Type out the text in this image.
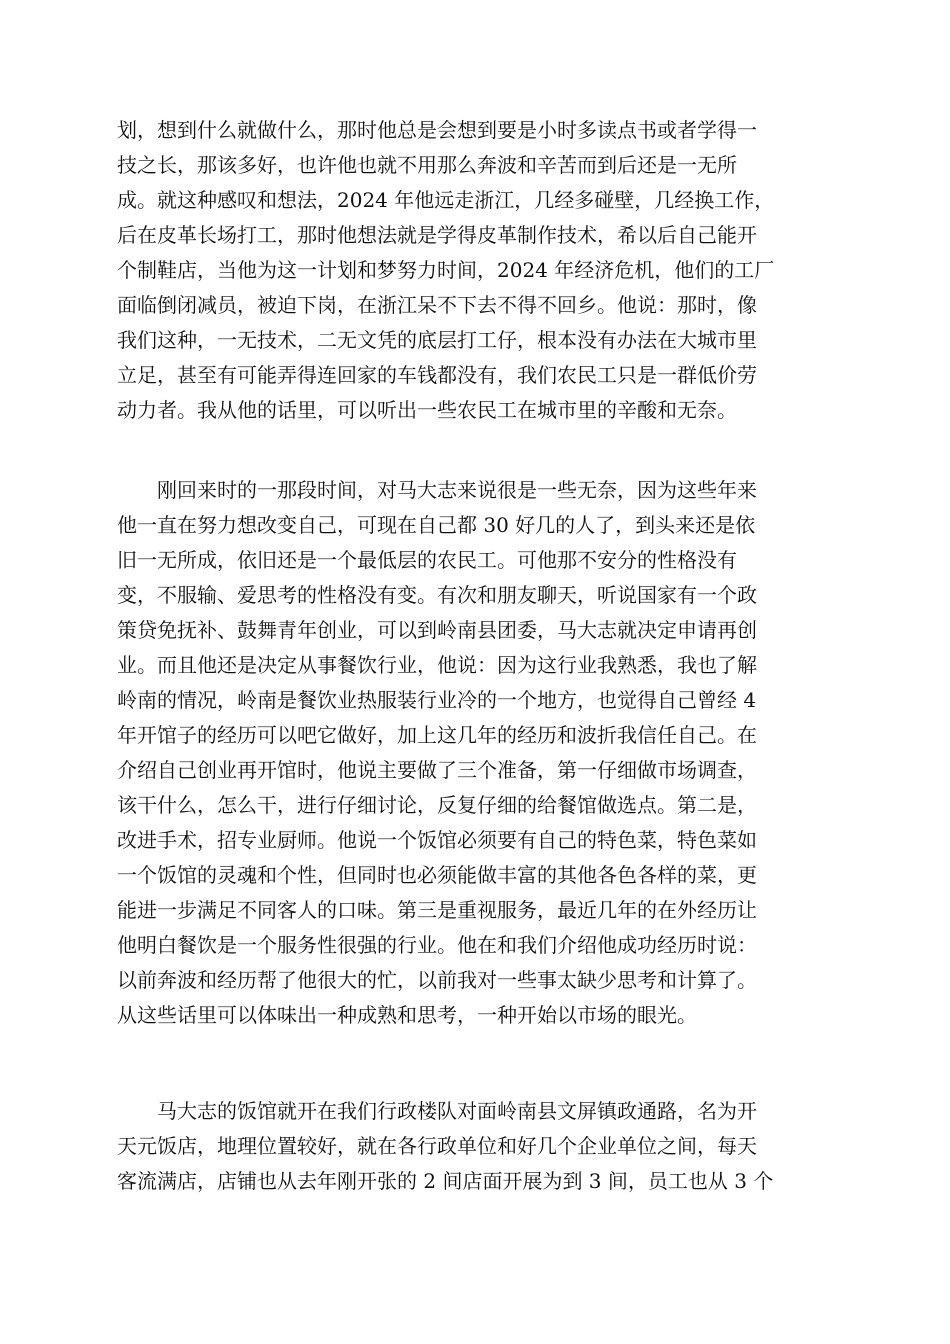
划，想到什么就做什么，那时他总是会想到要是小时多读点书或者学得一
技之长，那该多好，也许他也就不用那么奔波和辛苦而到后还是一无所
成。就这种感叹和想法，2024 年他远走浙江，几经多碰壁，几经换工作，
后在皮革长场打工，那时他想法就是学得皮革制作技术，希以后自己能开
个制鞋店，当他为这一计划和梦努力时间，2024 年经济危机，他们的工厂
面临倒闭减员，被迫下岗，在浙江呆不下去不得不回乡。他说：那时，像
我们这种，一无技术，二无文凭的底层打工仔，根本没有办法在大城市里
立足，甚至有可能弄得连回家的车钱都没有，我们农民工只是一群低价劳
动力者。我从他的话里，可以听出一些农民工在城市里的辛酸和无奈。
刚回来时的一那段时间，对马大志来说很是一些无奈，因为这些年来
他一直在努力想改变自己，可现在自己都 30 好几的人了，到头来还是依
旧一无所成，依旧还是一个最低层的农民工。可他那不安分的性格没有
变，不服输、爱思考的性格没有变。有次和朋友聊天，听说国家有一个政
策贷免抚补、鼓舞青年创业，可以到岭南县团委，马大志就决定申请再创
业。而且他还是决定从事餐饮行业，他说：因为这行业我熟悉，我也了解
岭南的情况，岭南是餐饮业热服装行业冷的一个地方，也觉得自己曾经 4
年开馆子的经历可以吧它做好，加上这几年的经历和波折我信任自己。在
介绍自己创业再开馆时，他说主要做了三个准备，第一仔细做市场调查，
该干什么，怎么干，进行仔细讨论，反复仔细的给餐馆做选点。第二是，
改进手术，招专业厨师。他说一个饭馆必须要有自己的特色菜，特色菜如
一个饭馆的灵魂和个性，但同时也必须能做丰富的其他各色各样的菜，更
能进一步满足不同客人的口味。第三是重视服务，最近几年的在外经历让
他明白餐饮是一个服务性很强的行业。他在和我们介绍他成功经历时说：
以前奔波和经历帮了他很大的忙，以前我对一些事太缺少思考和计算了。
从这些话里可以体味出一种成熟和思考，一种开始以市场的眼光。
马大志的饭馆就开在我们行政楼队对面岭南县文屏镇政通路，名为开
天元饭店，地理位置较好，就在各行政单位和好几个企业单位之间，每天
客流满店，店铺也从去年刚开张的 2 间店面开展为到 3 间，员工也从 3 个
